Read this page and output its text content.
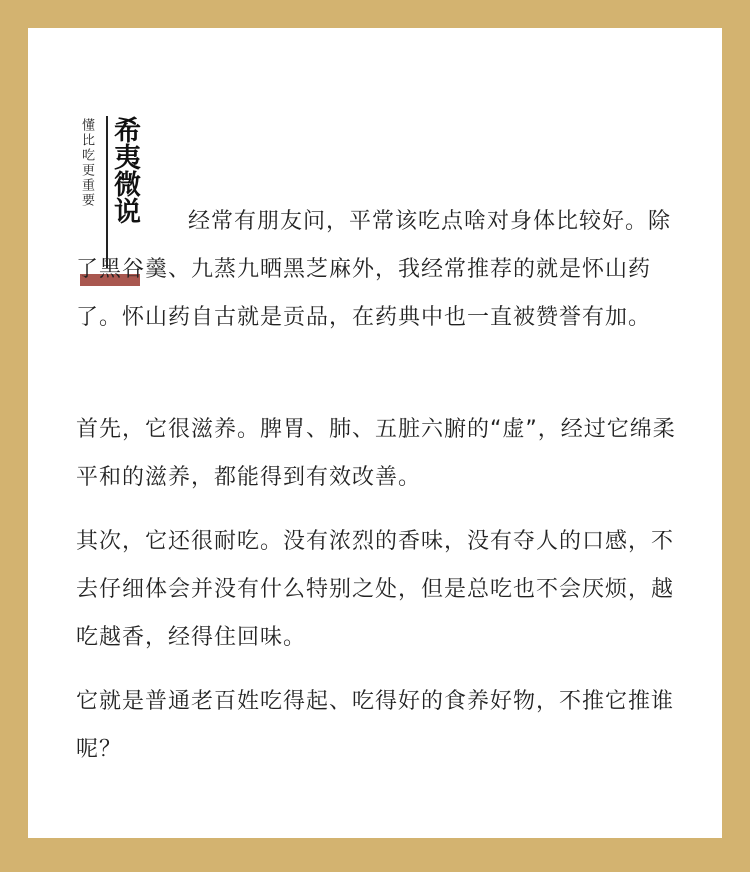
懂比吃更重要 希夷微说	经常有朋友问，平常该吃点啥对身体比较好。除了黑谷羹、九蒸九晒黑芝麻外，我经常推荐的就是怀山药了。怀山药自古就是贡品，在药典中也一直被赞誉有加。

首先，它很滋养。脾胃、肺、五脏六腑的“虚”，经过它绵柔平和的滋养，都能得到有效改善。

其次，它还很耐吃。没有浓烈的香味，没有夺人的口感，不去仔细体会并没有什么特别之处，但是总吃也不会厌烦，越吃越香，经得住回味。

它就是普通老百姓吃得起、吃得好的食养好物，不推它推谁呢？
